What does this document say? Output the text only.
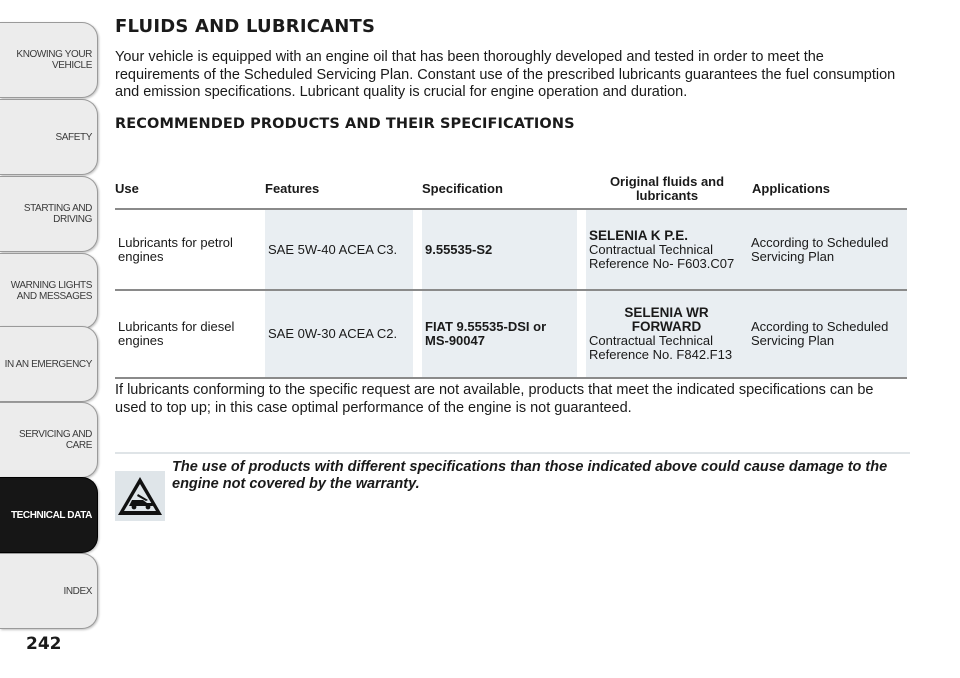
KNOWING YOUR
VEHICLE
SAFETY
STARTING AND
DRIVING
WARNING LIGHTS
AND MESSAGES
IN AN EMERGENCY
SERVICING AND
CARE
TECHNICAL DATA
INDEX
242
FLUIDS AND LUBRICANTS

Your vehicle is equipped with an engine oil that has been thoroughly developed and tested in order to meet the requirements of the Scheduled Servicing Plan. Constant use of the prescribed lubricants guarantees the fuel consumption and emission specifications. Lubricant quality is crucial for engine operation and duration.

RECOMMENDED PRODUCTS AND THEIR SPECIFICATIONS
Use	Features		Specification		Original fluids and lubricants	Applications

Lubricants for petrol engines	SAE 5W-40 ACEA C3.		9.55535-S2		SELENIA K P.E.
Contractual Technical Reference No- F603.C07	According to Scheduled Servicing Plan

Lubricants for diesel engines	SAE 0W-30 ACEA C2.		FIAT 9.55535-DSI or MS-90047		SELENIA WR FORWARD
Contractual Technical Reference No. F842.F13	According to Scheduled Servicing Plan

If lubricants conforming to the specific request are not available, products that meet the indicated specifications can be used to top up; in this case optimal performance of the engine is not guaranteed.

The use of products with different specifications than those indicated above could cause damage to the engine not covered by the warranty.
